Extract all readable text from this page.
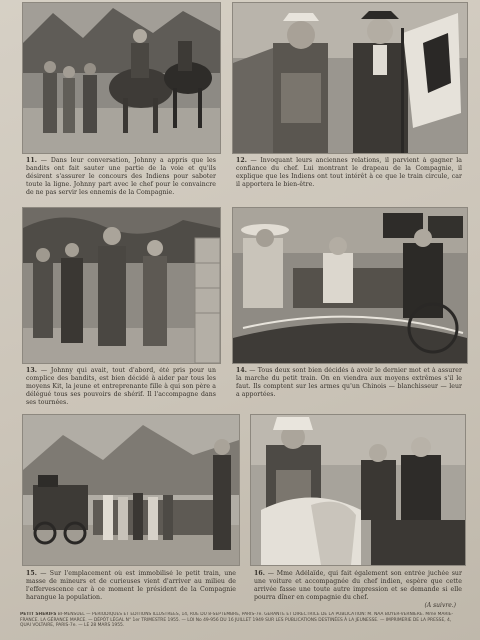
11. — Dans leur conversation, Johnny a appris que les bandits ont fait sauter une partie de la voie et qu'ils désirent s'assurer le concours des Indiens pour saboter toute la ligne. Johnny part avec le chef pour le convaincre de ne pas servir les ennemis de la Compagnie.
12. — Invoquant leurs anciennes relations, il parvient à gagner la confiance du chef. Lui montrant le drapeau de la Compagnie, il explique que les Indiens ont tout intérêt à ce que le train circule, car il apportera le bien-être.
13. — Johnny qui avait, tout d'abord, été pris pour un complice des bandits, est bien décidé à aider par tous les moyens Kit, la jeune et entreprenante fille à qui son père a délégué tous ses pouvoirs de shérif. Il l'accompagne dans ses tournées.
14. — Tous deux sont bien décidés à avoir le dernier mot et à assurer la marche du petit train. On en viendra aux moyens extrêmes s'il le faut. Ils comptent sur les armes qu'un Chinois — blanchisseur — leur a apportées.
15. — Sur l'emplacement où est immobilisé le petit train, une masse de mineurs et de curieuses vient d'arriver au milieu de l'effervescence car à ce moment le président de la Compagnie harangue la population.
16. — Mme Adélaïde, qui fait également son entrée juchée sur une voiture et accompagnée du chef indien, espère que cette arrivée fasse une toute autre impression et se demande si elle pourra dîner en compagnie du chef.
(A suivre.)
PETIT SHÉRIFS BI-MENSUEL — PÉRIODIQUES ET ÉDITIONS ILLUSTRÉES, 14, RUE DU 8-SEPTEMBRE, PARIS-7e. GÉRANTE ET DIRECTRICE DE LA PUBLICATION: M. NAA BOYER-VERNIÈRE. Mme MARIE-FRANCE. LA GÉRANCE MARCE. — DÉPÔT LÉGAL N° 1er TRIMESTRE 1955. — LOI No 49-956 DU 16 JUILLET 1949 SUR LES PUBLICATIONS DESTINÉES À LA JEUNESSE. — IMPRIMERIE DE LA PRESSE, 4, QUAI VOLTAIRE, PARIS-7e. — LE 28 MARS 1955.
